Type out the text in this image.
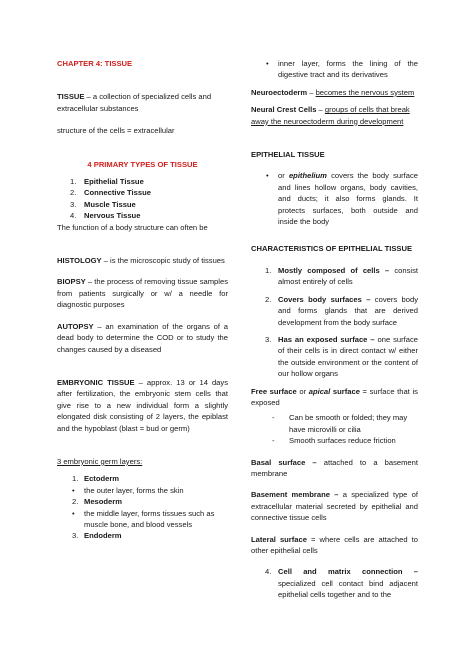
CHAPTER 4: TISSUE

TISSUE – a collection of specialized cells and extracellular substances

structure of the cells = extracellular

4 PRIMARY TYPES OF TISSUE

1. Epithelial Tissue
2. Connective Tissue
3. Muscle Tissue
4. Nervous Tissue

The function of a body structure can often be

HISTOLOGY – is the microscopic study of tissues

BIOPSY – the process of removing tissue samples from patients surgically or w/ a needle for diagnostic purposes

AUTOPSY – an examination of the organs of a dead body to determine the COD or to study the changes caused by a diseased

EMBRYONIC TISSUE – approx. 13 or 14 days after fertilization, the embryonic stem cells that give rise to a new individual form a slightly elongated disk consisting of 2 layers, the epiblast and the hypoblast (blast = bud or germ)

3 embryonic germ layers:

1. Ectoderm
• the outer layer, forms the skin
2. Mesoderm
• the middle layer, forms tissues such as muscle bone, and blood vessels
3. Endoderm
• inner layer, forms the lining of the digestive tract and its derivatives

Neuroectoderm – becomes the nervous system

Neural Crest Cells – groups of cells that break away the neuroectoderm during development

EPITHELIAL TISSUE

• or epithelium covers the body surface and lines hollow organs, body cavities, and ducts; it also forms glands. It protects surfaces, both outside and inside the body

CHARACTERISTICS OF EPITHELIAL TISSUE

1. Mostly composed of cells – consist almost entirely of cells
2. Covers body surfaces – covers body and forms glands that are derived development from the body surface
3. Has an exposed surface – one surface of their cells is in direct contact w/ either the outside environment or the content of our hollow organs

Free surface or apical surface = surface that is exposed

- Can be smooth or folded; they may have microvilli or cilia
- Smooth surfaces reduce friction

Basal surface – attached to a basement membrane

Basement membrane – a specialized type of extracellular material secreted by epithelial and connective tissue cells

Lateral surface = where cells are attached to other epithelial cells

4. Cell and matrix connection – specialized cell contact bind adjacent epithelial cells together and to the
